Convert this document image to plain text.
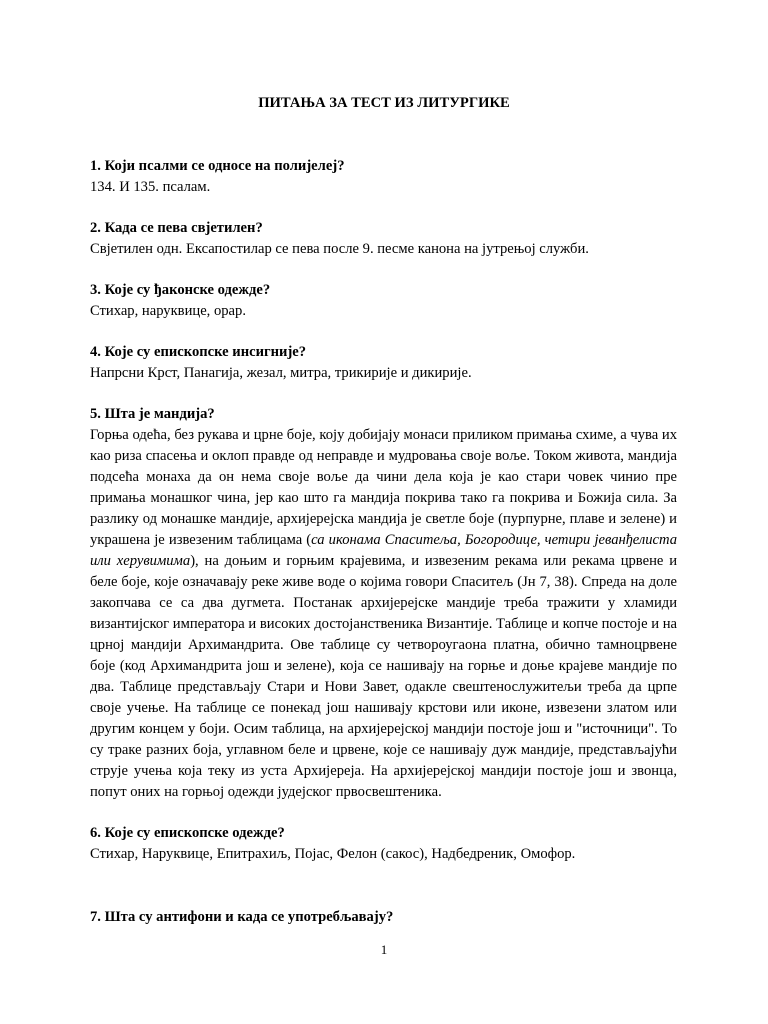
ПИТАЊА ЗА ТЕСТ ИЗ ЛИТУРГИКЕ

1. Који псалми се односе на полијелеј?

134. И 135. псалам.

2. Када се пева свјетилен?

Свјетилен одн. Ексапостилар се пева после 9. песме канона на јутрењој служби.

3. Које су ђаконске одежде?

Стихар, наруквице, орар.

4. Које су епископске инсигније?

Напрсни Крст, Панагија, жезал, митра, трикирије и дикирије.

5. Шта је мандија?

Горња одећа, без рукава и црне боје, коју добијају монаси приликом примања схиме, а чува их као риза спасења и оклоп правде од неправде и мудровања своје воље. Током живота, мандија подсећа монаха да он нема своје воље да чини дела која је као стари човек чинио пре примања монашког чина, јер као што га мандија покрива тако га покрива и Божија сила. За разлику од монашке мандије, архијерејска мандија је светле боје (пурпурне, плаве и зелене) и украшена је извезеним таблицама (са иконама Спаситеља, Богородице, четири јеванђелиста или херувимима), на доњим и горњим крајевима, и извезеним рекама или рекама црвене и беле боје, које означавају реке живе воде о којима говори Спаситељ (Јн 7, 38). Спреда на доле закопчава се са два дугмета. Постанак архијерејске мандије треба тражити у хламиди византијског императора и високих достојанственика Византије. Таблице и копче постоје и на црној мандији Архимандрита. Ове таблице су четвороугаона платна, обично тамноцрвене боје (код Архимандрита још и зелене), која се нашивају на горње и доње крајеве мандије по два. Таблице представљају Стари и Нови Завет, одакле свештенослужитељи треба да црпе своје учење. На таблице се понекад још нашивају крстови или иконе, извезени златом или другим концем у боји. Осим таблица, на архијерејској мандији постоје још и "источници". То су траке разних боја, углавном беле и црвене, које се нашивају дуж мандије, представљајући струје учења која теку из уста Архијереја. На архијерејској мандији постоје још и звонца, попут оних на горњој одежди јудејског првосвештеника.

6. Које су епископске одежде?

Стихар, Наруквице, Епитрахиљ, Појас, Фелон (сакос), Надбедреник, Омофор.

7. Шта су антифони и када се употребљавају?

1
